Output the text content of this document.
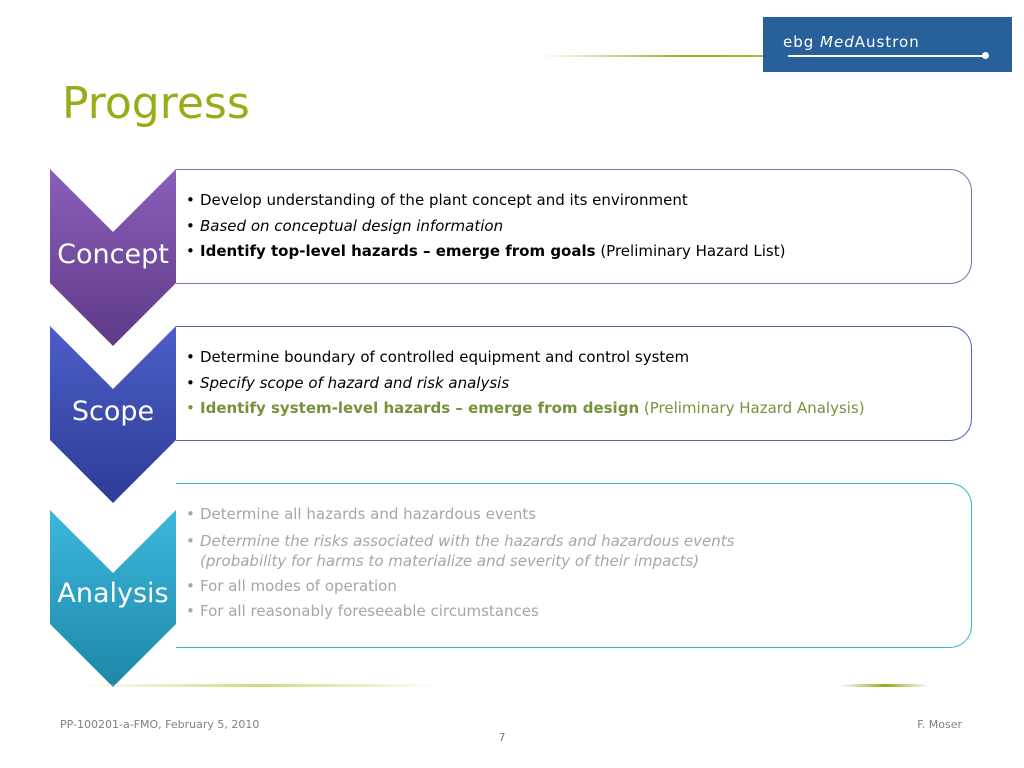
ebg MedAustron
Progress
Concept
Scope
Analysis
• Develop understanding of the plant concept and its environment
• Based on conceptual design information
• Identify top-level hazards – emerge from goals (Preliminary Hazard List)
• Determine boundary of controlled equipment and control system
• Specify scope of hazard and risk analysis
• Identify system-level hazards – emerge from design (Preliminary Hazard Analysis)
• Determine all hazards and hazardous events
• Determine the risks associated with the hazards and hazardous events
(probability for harms to materialize and severity of their impacts)
• For all modes of operation
• For all reasonably foreseeable circumstances
PP-100201-a-FMO, February 5, 2010
7
F. Moser
